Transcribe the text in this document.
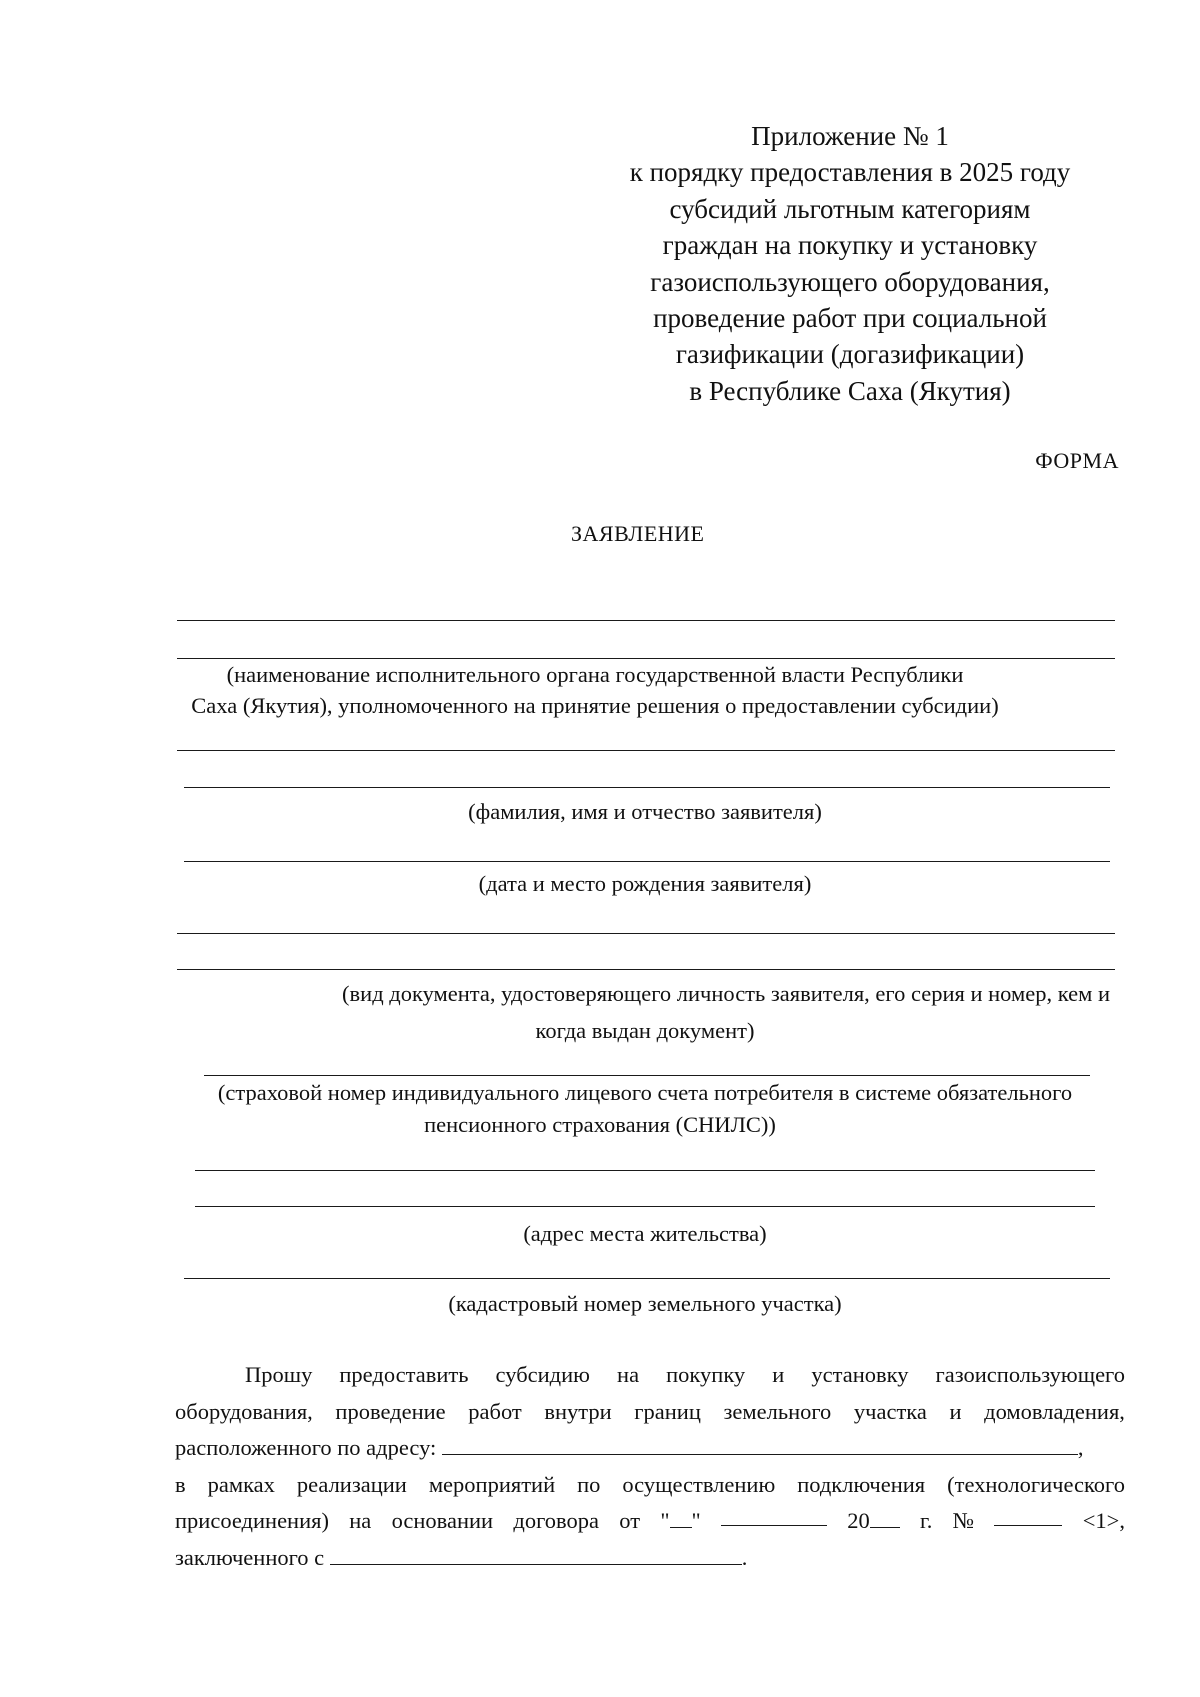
Приложение № 1
к порядку предоставления в 2025 году
субсидий льготным категориям
граждан на покупку и установку
газоиспользующего оборудования,
проведение работ при социальной
газификации (догазификации)
в Республике Саха (Якутия)
ФОРМА
ЗАЯВЛЕНИЕ
(наименование исполнительного органа государственной власти Республики
Саха (Якутия), уполномоченного на принятие решения о предоставлении субсидии)
(фамилия, имя и отчество заявителя)
(дата и место рождения заявителя)
(вид документа, удостоверяющего личность заявителя, его серия и номер, кем и
когда выдан документ)
(страховой номер индивидуального лицевого счета потребителя в системе обязательного
пенсионного страхования (СНИЛС))
(адрес места жительства)
(кадастровый номер земельного участка)
Прошу предоставить субсидию на покупку и установку газоиспользующего
оборудования, проведение работ внутри границ земельного участка и домовладения,
расположенного по адресу:	,
в рамках реализации мероприятий по осуществлению подключения (технологического
присоединения) на основании договора от " "	20	г. №	<1>,
заключенного с	.
